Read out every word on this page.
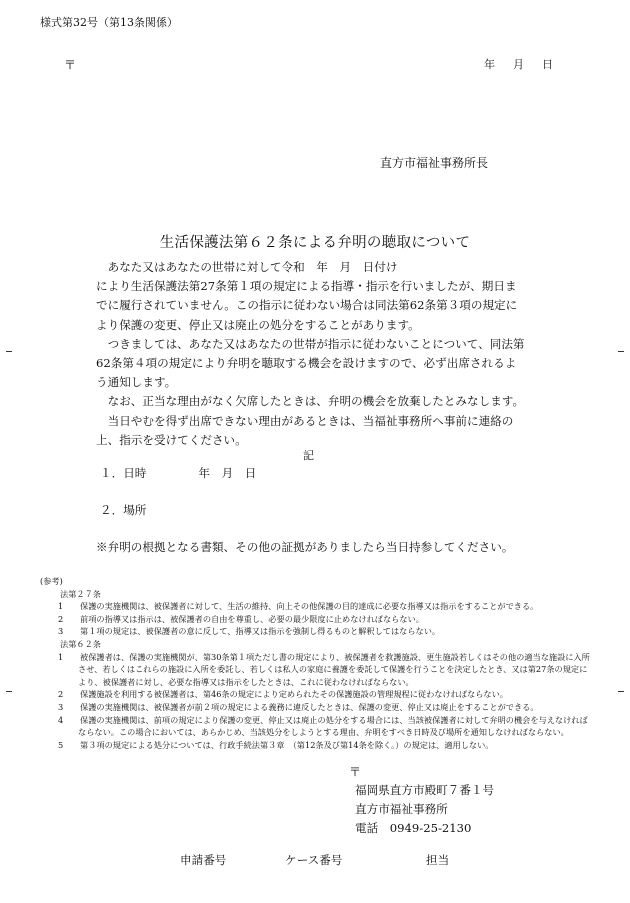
様式第32号（第13条関係）
〒	年 月 日
直方市福祉事務所長
生活保護法第６２条による弁明の聴取について

あなた又はあなたの世帯に対して令和　年　月　日付け　　　　　　　　　　　により生活保護法第27条第１項の規定による指導・指示を行いましたが、期日までに履行されていません。この指示に従わない場合は同法第62条第３項の規定により保護の変更、停止又は廃止の処分をすることがあります。

つきましては、あなた又はあなたの世帯が指示に従わないことについて、同法第62条第４項の規定により弁明を聴取する機会を設けますので、必ず出席されるよう通知します。

なお、正当な理由がなく欠席したときは、弁明の機会を放棄したとみなします。

当日やむを得ず出席できない理由があるときは、当福祉事務所へ事前に連絡の上、指示を受けてください。

記
１．日時	年　月　日
２．場所
※弁明の根拠となる書類、その他の証拠がありましたら当日持参してください。
(参考)
法第２７条
1 保護の実施機関は、被保護者に対して、生活の維持、向上その他保護の目的達成に必要な指導又は指示をすることができる。
2 前項の指導又は指示は、被保護者の自由を尊重し、必要の最少限度に止めなければならない。
3 第１項の規定は、被保護者の意に反して、指導又は指示を強制し得るものと解釈してはならない。
法第６２条
1 被保護者は、保護の実施機関が、第30条第１項ただし書の規定により、被保護者を救護施設、更生施設若しくはその他の適当な施設に入所させ、若しくはこれらの施設に入所を委託し、若しくは私人の家庭に養護を委託して保護を行うことを決定したとき、又は第27条の規定により、被保護者に対し、必要な指導又は指示をしたときは、これに従わなければならない。
2 保護施設を利用する被保護者は、第46条の規定により定められたその保護施設の管理規程に従わなければならない。
3 保護の実施機関は、被保護者が前２項の規定による義務に違反したときは、保護の変更、停止又は廃止をすることができる。
4 保護の実施機関は、前項の規定により保護の変更、停止又は廃止の処分をする場合には、当該被保護者に対して弁明の機会を与えなければならない。この場合においては、あらかじめ、当該処分をしようとする理由、弁明をすべき日時及び場所を通知しなければならない。
5 第３項の規定による処分については、行政手続法第３章　（第12条及び第14条を除く。）の規定は、適用しない。
〒
福岡県直方市殿町７番１号
直方市福祉事務所
電話　0949-25-2130
申請番号	ケース番号	担当
